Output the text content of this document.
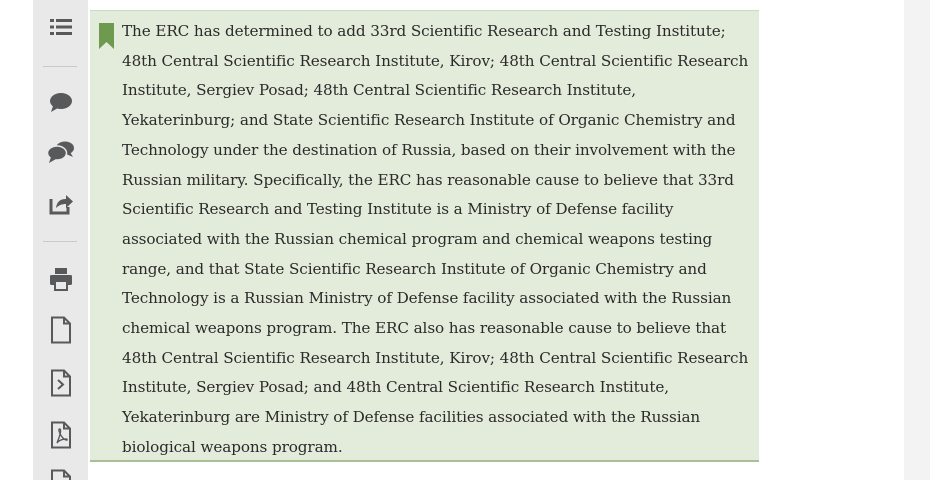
The ERC has determined to add 33rd Scientific Research and Testing Institute; 48th Central Scientific Research Institute, Kirov; 48th Central Scientific Research Institute, Sergiev Posad; 48th Central Scientific Research Institute, Yekaterinburg; and State Scientific Research Institute of Organic Chemistry and Technology under the destination of Russia, based on their involvement with the Russian military. Specifically, the ERC has reasonable cause to believe that 33rd Scientific Research and Testing Institute is a Ministry of Defense facility associated with the Russian chemical program and chemical weapons testing range, and that State Scientific Research Institute of Organic Chemistry and Technology is a Russian Ministry of Defense facility associated with the Russian chemical weapons program. The ERC also has reasonable cause to believe that 48th Central Scientific Research Institute, Kirov; 48th Central Scientific Research Institute, Sergiev Posad; and 48th Central Scientific Research Institute, Yekaterinburg are Ministry of Defense facilities associated with the Russian biological weapons program.
